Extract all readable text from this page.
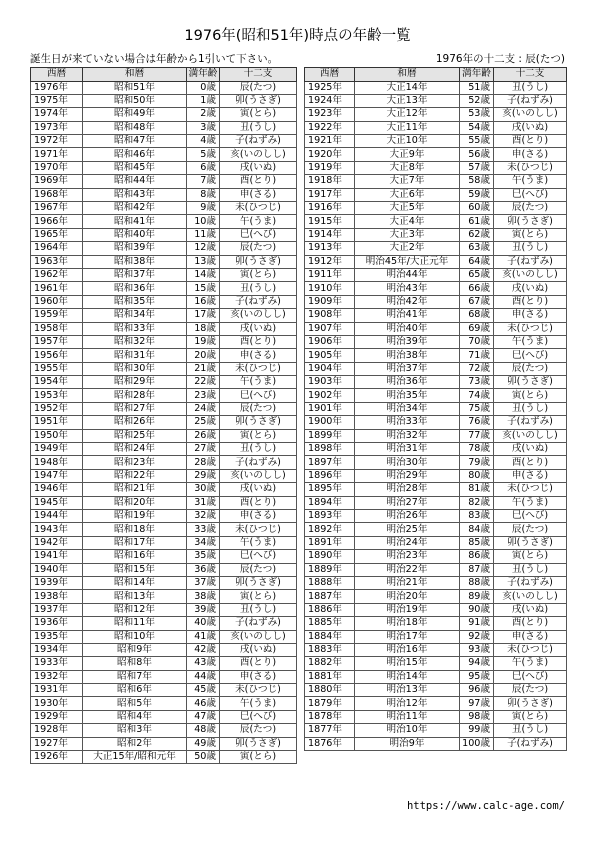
1976年(昭和51年)時点の年齢一覧
誕生日が来ていない場合は年齢から1引いて下さい。	1976年の十二支 : 辰(たつ)
西暦	和暦	満年齢	十二支
1976年	昭和51年	0歳	辰(たつ)
1975年	昭和50年	1歳	卯(うさぎ)
1974年	昭和49年	2歳	寅(とら)
1973年	昭和48年	3歳	丑(うし)
1972年	昭和47年	4歳	子(ねずみ)
1971年	昭和46年	5歳	亥(いのしし)
1970年	昭和45年	6歳	戌(いぬ)
1969年	昭和44年	7歳	酉(とり)
1968年	昭和43年	8歳	申(さる)
1967年	昭和42年	9歳	未(ひつじ)
1966年	昭和41年	10歳	午(うま)
1965年	昭和40年	11歳	巳(へび)
1964年	昭和39年	12歳	辰(たつ)
1963年	昭和38年	13歳	卯(うさぎ)
1962年	昭和37年	14歳	寅(とら)
1961年	昭和36年	15歳	丑(うし)
1960年	昭和35年	16歳	子(ねずみ)
1959年	昭和34年	17歳	亥(いのしし)
1958年	昭和33年	18歳	戌(いぬ)
1957年	昭和32年	19歳	酉(とり)
1956年	昭和31年	20歳	申(さる)
1955年	昭和30年	21歳	未(ひつじ)
1954年	昭和29年	22歳	午(うま)
1953年	昭和28年	23歳	巳(へび)
1952年	昭和27年	24歳	辰(たつ)
1951年	昭和26年	25歳	卯(うさぎ)
1950年	昭和25年	26歳	寅(とら)
1949年	昭和24年	27歳	丑(うし)
1948年	昭和23年	28歳	子(ねずみ)
1947年	昭和22年	29歳	亥(いのしし)
1946年	昭和21年	30歳	戌(いぬ)
1945年	昭和20年	31歳	酉(とり)
1944年	昭和19年	32歳	申(さる)
1943年	昭和18年	33歳	未(ひつじ)
1942年	昭和17年	34歳	午(うま)
1941年	昭和16年	35歳	巳(へび)
1940年	昭和15年	36歳	辰(たつ)
1939年	昭和14年	37歳	卯(うさぎ)
1938年	昭和13年	38歳	寅(とら)
1937年	昭和12年	39歳	丑(うし)
1936年	昭和11年	40歳	子(ねずみ)
1935年	昭和10年	41歳	亥(いのしし)
1934年	昭和9年	42歳	戌(いぬ)
1933年	昭和8年	43歳	酉(とり)
1932年	昭和7年	44歳	申(さる)
1931年	昭和6年	45歳	未(ひつじ)
1930年	昭和5年	46歳	午(うま)
1929年	昭和4年	47歳	巳(へび)
1928年	昭和3年	48歳	辰(たつ)
1927年	昭和2年	49歳	卯(うさぎ)
1926年	大正15年/昭和元年	50歳	寅(とら)
西暦	和暦	満年齢	十二支
1925年	大正14年	51歳	丑(うし)
1924年	大正13年	52歳	子(ねずみ)
1923年	大正12年	53歳	亥(いのしし)
1922年	大正11年	54歳	戌(いぬ)
1921年	大正10年	55歳	酉(とり)
1920年	大正9年	56歳	申(さる)
1919年	大正8年	57歳	未(ひつじ)
1918年	大正7年	58歳	午(うま)
1917年	大正6年	59歳	巳(へび)
1916年	大正5年	60歳	辰(たつ)
1915年	大正4年	61歳	卯(うさぎ)
1914年	大正3年	62歳	寅(とら)
1913年	大正2年	63歳	丑(うし)
1912年	明治45年/大正元年	64歳	子(ねずみ)
1911年	明治44年	65歳	亥(いのしし)
1910年	明治43年	66歳	戌(いぬ)
1909年	明治42年	67歳	酉(とり)
1908年	明治41年	68歳	申(さる)
1907年	明治40年	69歳	未(ひつじ)
1906年	明治39年	70歳	午(うま)
1905年	明治38年	71歳	巳(へび)
1904年	明治37年	72歳	辰(たつ)
1903年	明治36年	73歳	卯(うさぎ)
1902年	明治35年	74歳	寅(とら)
1901年	明治34年	75歳	丑(うし)
1900年	明治33年	76歳	子(ねずみ)
1899年	明治32年	77歳	亥(いのしし)
1898年	明治31年	78歳	戌(いぬ)
1897年	明治30年	79歳	酉(とり)
1896年	明治29年	80歳	申(さる)
1895年	明治28年	81歳	未(ひつじ)
1894年	明治27年	82歳	午(うま)
1893年	明治26年	83歳	巳(へび)
1892年	明治25年	84歳	辰(たつ)
1891年	明治24年	85歳	卯(うさぎ)
1890年	明治23年	86歳	寅(とら)
1889年	明治22年	87歳	丑(うし)
1888年	明治21年	88歳	子(ねずみ)
1887年	明治20年	89歳	亥(いのしし)
1886年	明治19年	90歳	戌(いぬ)
1885年	明治18年	91歳	酉(とり)
1884年	明治17年	92歳	申(さる)
1883年	明治16年	93歳	未(ひつじ)
1882年	明治15年	94歳	午(うま)
1881年	明治14年	95歳	巳(へび)
1880年	明治13年	96歳	辰(たつ)
1879年	明治12年	97歳	卯(うさぎ)
1878年	明治11年	98歳	寅(とら)
1877年	明治10年	99歳	丑(うし)
1876年	明治9年	100歳	子(ねずみ)
https://www.calc-age.com/
